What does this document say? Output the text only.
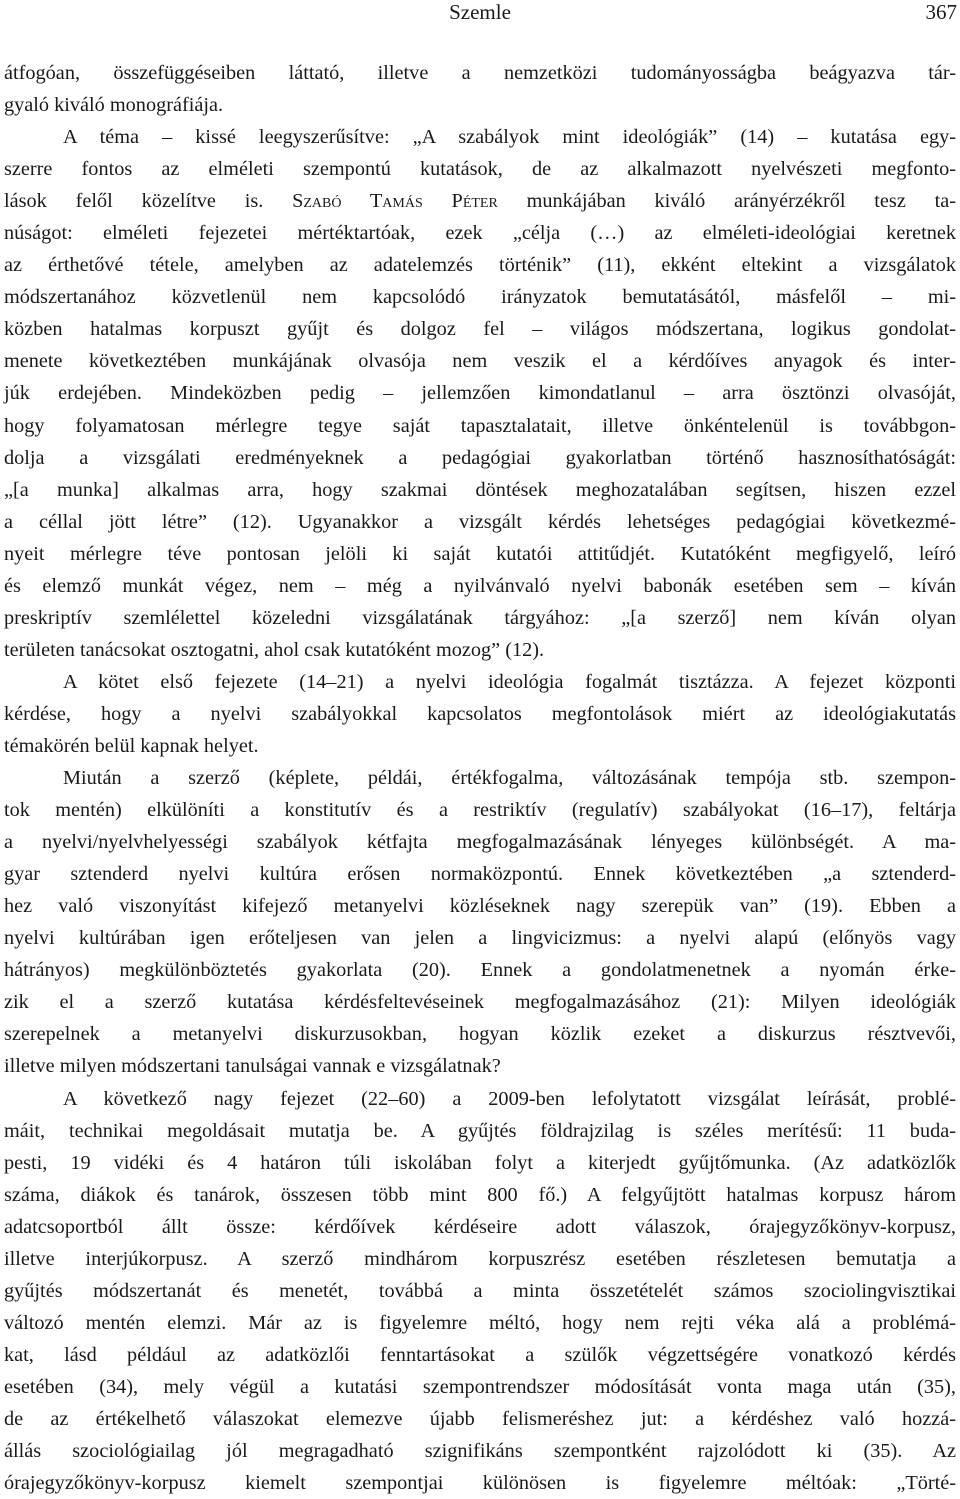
Szemle	367
átfogóan, összefüggéseiben láttató, illetve a nemzetközi tudományosságba beágyazva tár-
gyaló kiváló monográfiája.
A téma – kissé leegyszerűsítve: „A szabályok mint ideológiák” (14) – kutatása egy-
szerre fontos az elméleti szempontú kutatások, de az alkalmazott nyelvészeti megfonto-
lások felől közelítve is. Szabó Tamás Péter munkájában kiváló arányérzékről tesz ta-
núságot: elméleti fejezetei mértéktartóak, ezek „célja (…) az elméleti-ideológiai keretnek
az érthetővé tétele, amelyben az adatelemzés történik” (11), ekként eltekint a vizsgálatok
módszertanához közvetlenül nem kapcsolódó irányzatok bemutatásától, másfelől – mi-
közben hatalmas korpuszt gyűjt és dolgoz fel – világos módszertana, logikus gondolat-
menete következtében munkájának olvasója nem veszik el a kérdőíves anyagok és inter-
júk erdejében. Mindeközben pedig – jellemzően kimondatlanul – arra ösztönzi olvasóját,
hogy folyamatosan mérlegre tegye saját tapasztalatait, illetve önkéntelenül is továbbgon-
dolja a vizsgálati eredményeknek a pedagógiai gyakorlatban történő hasznosíthatóságát:
„[a munka] alkalmas arra, hogy szakmai döntések meghozatalában segítsen, hiszen ezzel
a céllal jött létre” (12). Ugyanakkor a vizsgált kérdés lehetséges pedagógiai következmé-
nyeit mérlegre téve pontosan jelöli ki saját kutatói attitűdjét. Kutatóként megfigyelő, leíró
és elemző munkát végez, nem – még a nyilvánvaló nyelvi babonák esetében sem – kíván
preskriptív szemlélettel közeledni vizsgálatának tárgyához: „[a szerző] nem kíván olyan
területen tanácsokat osztogatni, ahol csak kutatóként mozog” (12).
A kötet első fejezete (14–21) a nyelvi ideológia fogalmát tisztázza. A fejezet központi
kérdése, hogy a nyelvi szabályokkal kapcsolatos megfontolások miért az ideológiakutatás
témakörén belül kapnak helyet.
Miután a szerző (képlete, példái, értékfogalma, változásának tempója stb. szempon-
tok mentén) elkülöníti a konstitutív és a restriktív (regulatív) szabályokat (16–17), feltárja
a nyelvi/nyelvhelyességi szabályok kétfajta megfogalmazásának lényeges különbségét. A ma-
gyar sztenderd nyelvi kultúra erősen normaközpontú. Ennek következtében „a sztenderd-
hez való viszonyítást kifejező metanyelvi közléseknek nagy szerepük van” (19). Ebben a
nyelvi kultúrában igen erőteljesen van jelen a lingvicizmus: a nyelvi alapú (előnyös vagy
hátrányos) megkülönböztetés gyakorlata (20). Ennek a gondolatmenetnek a nyomán érke-
zik el a szerző kutatása kérdésfeltevéseinek megfogalmazásához (21): Milyen ideológiák
szerepelnek a metanyelvi diskurzusokban, hogyan közlik ezeket a diskurzus résztvevői,
illetve milyen módszertani tanulságai vannak e vizsgálatnak?
A következő nagy fejezet (22–60) a 2009-ben lefolytatott vizsgálat leírását, problé-
máit, technikai megoldásait mutatja be. A gyűjtés földrajzilag is széles merítésű: 11 buda-
pesti, 19 vidéki és 4 határon túli iskolában folyt a kiterjedt gyűjtőmunka. (Az adatközlők
száma, diákok és tanárok, összesen több mint 800 fő.) A felgyűjtött hatalmas korpusz három
adatcsoportból állt össze: kérdőívek kérdéseire adott válaszok, órajegyzőkönyv-korpusz,
illetve interjúkorpusz. A szerző mindhárom korpuszrész esetében részletesen bemutatja a
gyűjtés módszertanát és menetét, továbbá a minta összetételét számos szociolingvisztikai
változó mentén elemzi. Már az is figyelemre méltó, hogy nem rejti véka alá a problémá-
kat, lásd például az adatközlői fenntartásokat a szülők végzettségére vonatkozó kérdés
esetében (34), mely végül a kutatási szempontrendszer módosítását vonta maga után (35),
de az értékelhető válaszokat elemezve újabb felismeréshez jut: a kérdéshez való hozzá-
állás szociológiailag jól megragadható szignifikáns szempontként rajzolódott ki (35). Az
órajegyzőkönyv-korpusz kiemelt szempontjai különösen is figyelemre méltóak: „Törté-
